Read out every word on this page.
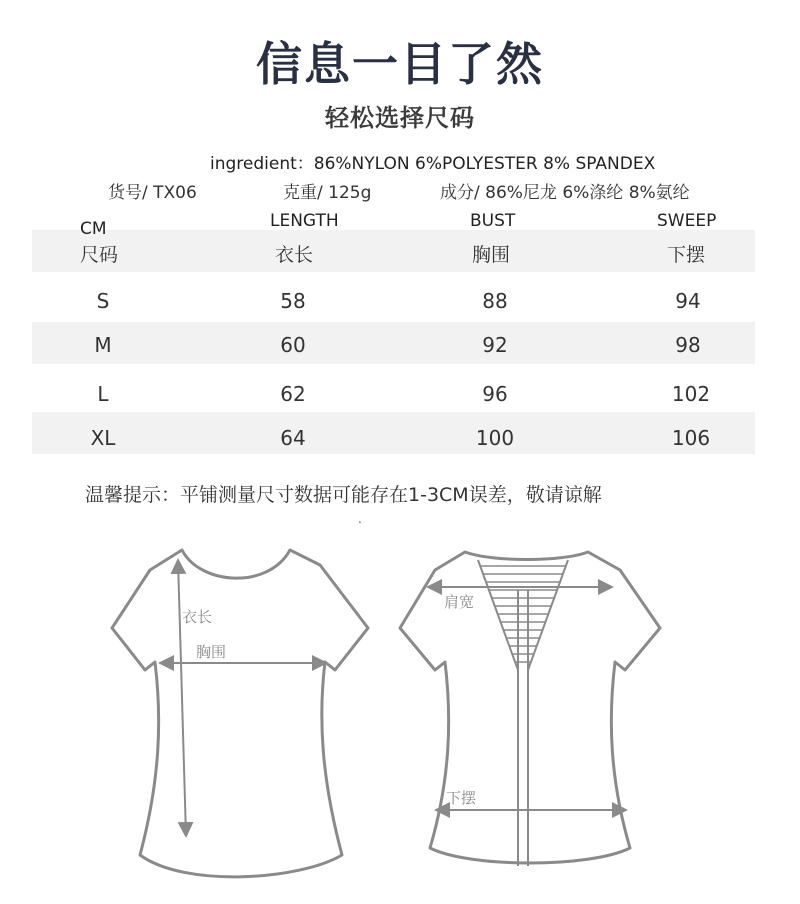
信息一目了然
轻松选择尺码
ingredient：86%NYLON 6%POLYESTER 8% SPANDEX
货号/ TX06	克重/ 125g	成分/ 86%尼龙 6%涤纶 8%氨纶
CM	LENGTH	BUST	SWEEP
尺码	衣长	胸围	下摆
S	58	88	94
M	60	92	98
L	62	96	102
XL	64	100	106
温馨提示：平铺测量尺寸数据可能存在1-3CM误差，敬请谅解
.
衣长
胸围
肩宽
下摆
